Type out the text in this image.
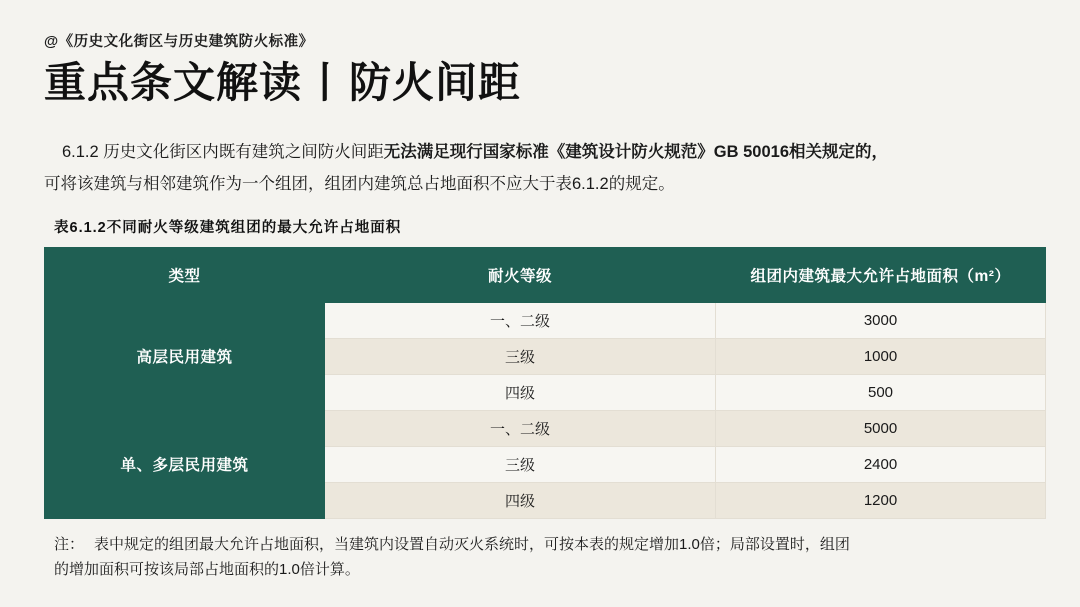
@《历史文化街区与历史建筑防火标准》
重点条文解读丨防火间距
6.1.2 历史文化街区内既有建筑之间防火间距无法满足现行国家标准《建筑设计防火规范》GB 50016相关规定的，
可将该建筑与相邻建筑作为一个组团，组团内建筑总占地面积不应大于表6.1.2的规定。
表6.1.2不同耐火等级建筑组团的最大允许占地面积
类型	耐火等级	组团内建筑最大允许占地面积（m²）
高层民用建筑	一、二级	3000
	三级	1000
	四级	500
单、多层民用建筑	一、二级	5000
	三级	2400
	四级	1200
注： 表中规定的组团最大允许占地面积，当建筑内设置自动灭火系统时，可按本表的规定增加1.0倍；局部设置时，组团
的增加面积可按该局部占地面积的1.0倍计算。
